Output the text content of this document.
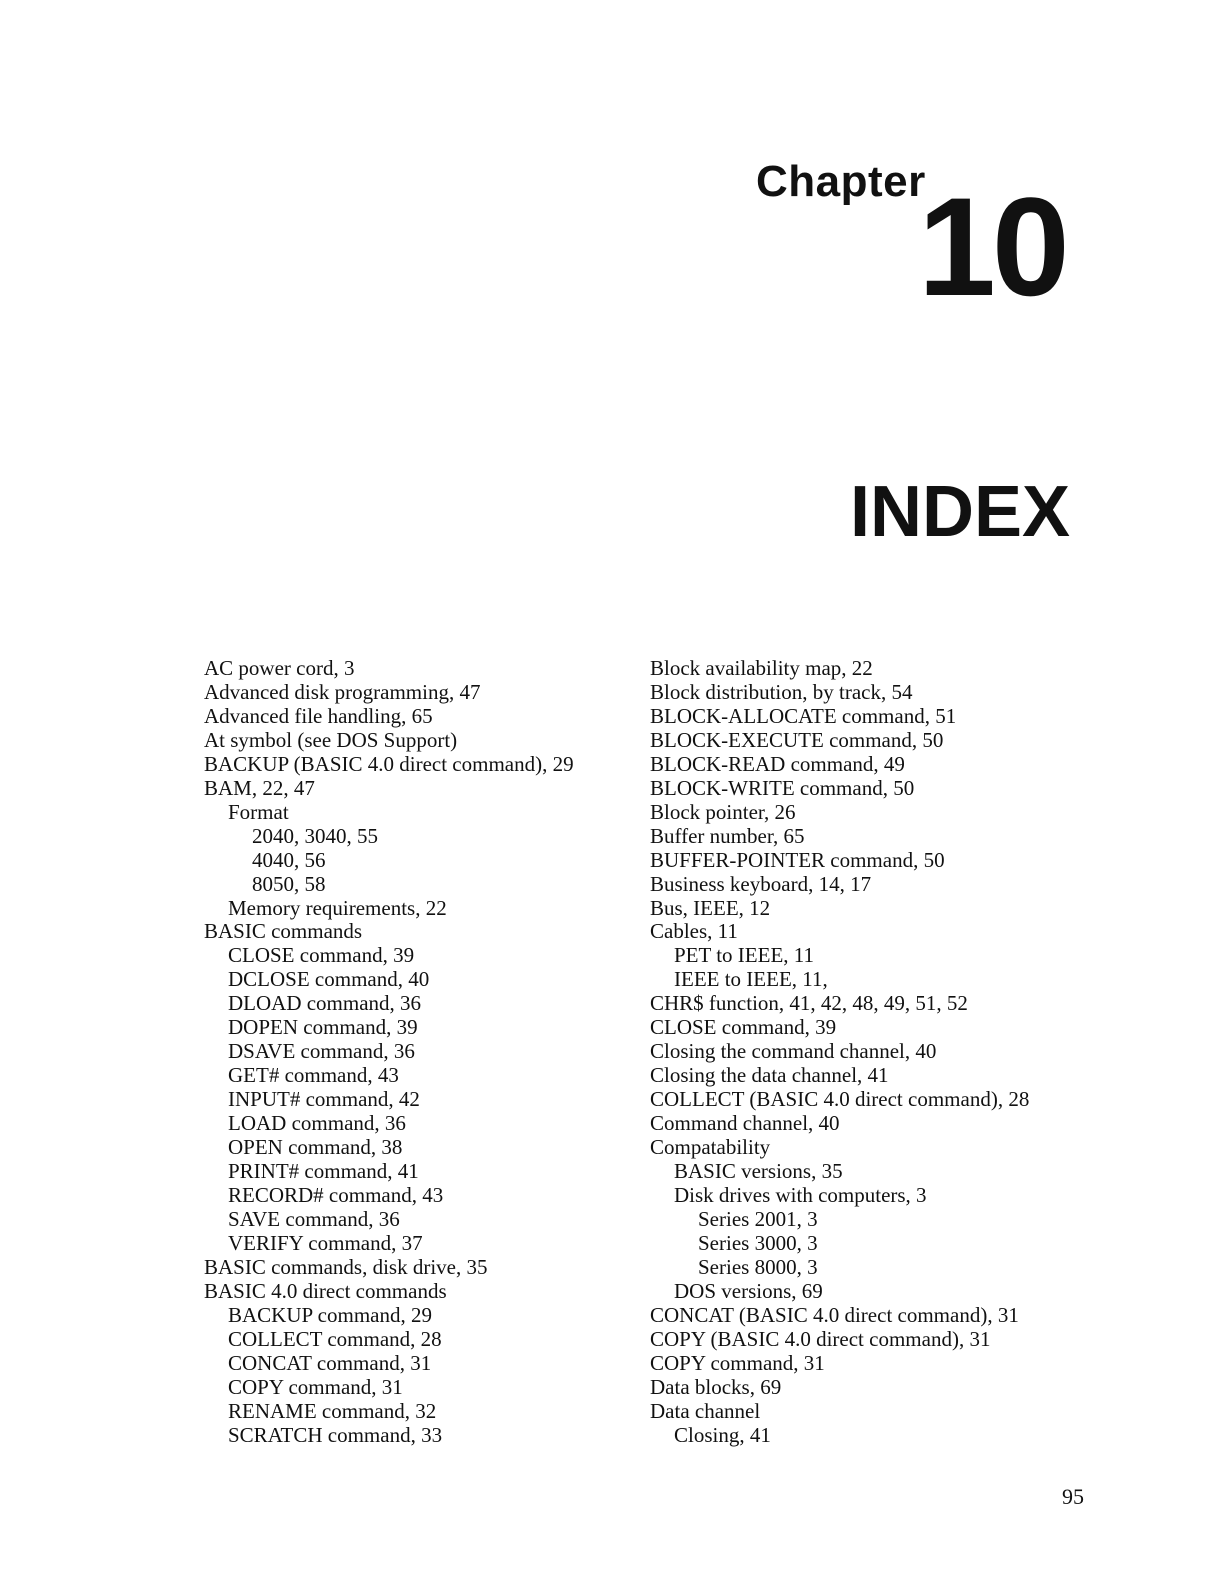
Chapter
10
INDEX
AC power cord, 3
Advanced disk programming, 47
Advanced file handling, 65
At symbol (see DOS Support)
BACKUP (BASIC 4.0 direct command), 29
BAM, 22, 47
Format
2040, 3040, 55
4040, 56
8050, 58
Memory requirements, 22
BASIC commands
CLOSE command, 39
DCLOSE command, 40
DLOAD command, 36
DOPEN command, 39
DSAVE command, 36
GET# command, 43
INPUT# command, 42
LOAD command, 36
OPEN command, 38
PRINT# command, 41
RECORD# command, 43
SAVE command, 36
VERIFY command, 37
BASIC commands, disk drive, 35
BASIC 4.0 direct commands
BACKUP command, 29
COLLECT command, 28
CONCAT command, 31
COPY command, 31
RENAME command, 32
SCRATCH command, 33
Block availability map, 22
Block distribution, by track, 54
BLOCK-ALLOCATE command, 51
BLOCK-EXECUTE command, 50
BLOCK-READ command, 49
BLOCK-WRITE command, 50
Block pointer, 26
Buffer number, 65
BUFFER-POINTER command, 50
Business keyboard, 14, 17
Bus, IEEE, 12
Cables, 11
PET to IEEE, 11
IEEE to IEEE, 11,
CHR$ function, 41, 42, 48, 49, 51, 52
CLOSE command, 39
Closing the command channel, 40
Closing the data channel, 41
COLLECT (BASIC 4.0 direct command), 28
Command channel, 40
Compatability
BASIC versions, 35
Disk drives with computers, 3
Series 2001, 3
Series 3000, 3
Series 8000, 3
DOS versions, 69
CONCAT (BASIC 4.0 direct command), 31
COPY (BASIC 4.0 direct command), 31
COPY command, 31
Data blocks, 69
Data channel
Closing, 41
95
